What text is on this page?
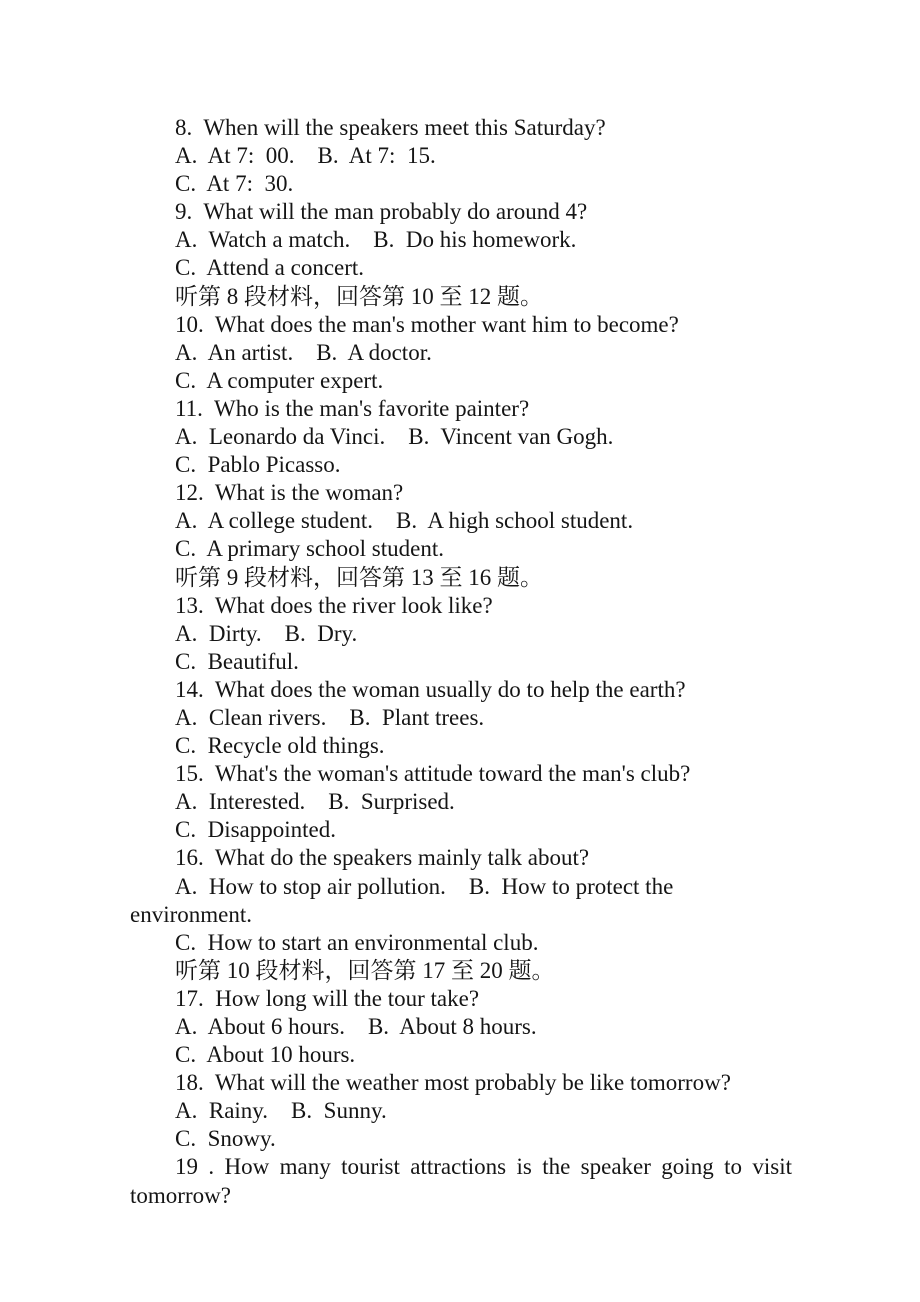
8.  When will the speakers meet this Saturday?
A.  At 7:  00.    B.  At 7:  15.
C.  At 7:  30.
9.  What will the man probably do around 4?
A.  Watch a match.    B.  Do his homework.
C.  Attend a concert.
听第 8 段材料，回答第 10 至 12 题。
10.  What does the man's mother want him to become?
A.  An artist.    B.  A doctor.
C.  A computer expert.
11.  Who is the man's favorite painter?
A.  Leonardo da Vinci.    B.  Vincent van Gogh.
C.  Pablo Picasso.
12.  What is the woman?
A.  A college student.    B.  A high school student.
C.  A primary school student.
听第 9 段材料，回答第 13 至 16 题。
13.  What does the river look like?
A.  Dirty.    B.  Dry.
C.  Beautiful.
14.  What does the woman usually do to help the earth?
A.  Clean rivers.    B.  Plant trees.
C.  Recycle old things.
15.  What's the woman's attitude toward the man's club?
A.  Interested.    B.  Surprised.
C.  Disappointed.
16.  What do the speakers mainly talk about?
A.  How to stop air pollution.    B.  How to protect the environment.
C.  How to start an environmental club.
听第 10 段材料，回答第 17 至 20 题。
17.  How long will the tour take?
A.  About 6 hours.    B.  About 8 hours.
C.  About 10 hours.
18.  What will the weather most probably be like tomorrow?
A.  Rainy.    B.  Sunny.
C.  Snowy.
19 . How many tourist attractions is the speaker going to visit
tomorrow?
